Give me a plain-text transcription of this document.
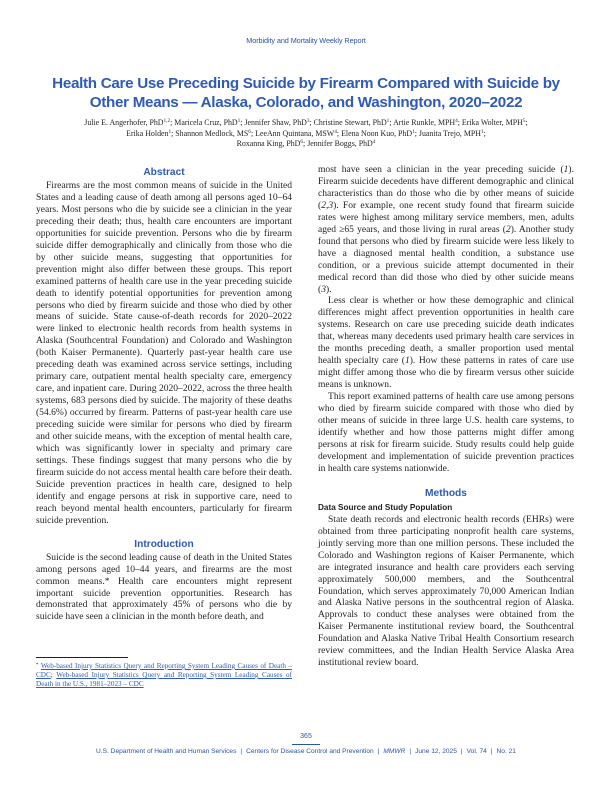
Morbidity and Mortality Weekly Report
Health Care Use Preceding Suicide by Firearm Compared with Suicide by
Other Means — Alaska, Colorado, and Washington, 2020–2022
Julie E. Angerhofer, PhD$^{1,2}$; Maricela Cruz, PhD$^1$; Jennifer Shaw, PhD$^3$; Christine Stewart, PhD$^1$; Artie Runkle, MPH$^4$; Erika Wolter, MPH$^5$;
Erika Holden$^1$; Shannon Medlock, $MS^6$; LeeAnn Quintana, MSW$^4$; Elena Noon Kuo, PhD$^1$; Juanita Trejo, MPH$^1$;
Roxanna King, PhD$^6$; Jennifer Boggs, PhD$^4$
Abstract

Firearms are the most common means of suicide in the United States and a leading cause of death among all persons aged 10–64 years. Most persons who die by suicide see a clinician in the year preceding their death; thus, health care encounters are important opportunities for suicide prevention. Persons who die by firearm suicide differ demographically and clinically from those who die by other suicide means, suggesting that opportunities for prevention might also differ between these groups. This report examined patterns of health care use in the year preceding suicide death to identify potential opportunities for prevention among persons who died by firearm suicide and those who died by other means of suicide. State cause-of-death records for 2020–2022 were linked to electronic health records from health systems in Alaska (Southcentral Foundation) and Colorado and Washington (both Kaiser Permanente). Quarterly past-year health care use preceding death was examined across service settings, including primary care, outpatient mental health specialty care, emergency care, and inpatient care. During 2020–2022, across the three health systems, 683 persons died by suicide. The majority of these deaths (54.6%) occurred by firearm. Patterns of past-year health care use preceding suicide were similar for persons who died by firearm and other suicide means, with the exception of mental health care, which was significantly lower in specialty and primary care settings. These findings suggest that many persons who die by firearm suicide do not access mental health care before their death. Suicide prevention practices in health care, designed to help identify and engage persons at risk in supportive care, need to reach beyond mental health encounters, particularly for firearm suicide prevention.

Introduction

Suicide is the second leading cause of death in the United States among persons aged 10–44 years, and firearms are the most common means.* Health care encounters might represent important suicide prevention opportunities. Research has demonstrated that approximately 45% of persons who die by suicide have seen a clinician in the month before death, and

* Web-based Injury Statistics Query and Reporting System Leading Causes of Death – CDC; Web-based Injury Statistics Query and Reporting System Leading Causes of Death in the U.S., 1981–2023 – CDC

most have seen a clinician in the year preceding suicide (1). Firearm suicide decedents have different demographic and clinical characteristics than do those who die by other means of suicide (2,3). For example, one recent study found that firearm suicide rates were highest among military service members, men, adults aged ≥65 years, and those living in rural areas (2). Another study found that persons who died by firearm suicide were less likely to have a diagnosed mental health condition, a substance use condition, or a previous suicide attempt documented in their medical record than did those who died by other suicide means (3).

Less clear is whether or how these demographic and clinical differences might affect prevention opportunities in health care systems. Research on care use preceding suicide death indicates that, whereas many decedents used primary health care services in the months preceding death, a smaller proportion used mental health specialty care (1). How these patterns in rates of care use might differ among those who die by firearm versus other suicide means is unknown.

This report examined patterns of health care use among persons who died by firearm suicide compared with those who died by other means of suicide in three large U.S. health care systems, to identify whether and how those patterns might differ among persons at risk for firearm suicide. Study results could help guide development and implementation of suicide prevention practices in health care systems nationwide.

Methods
Data Source and Study Population

State death records and electronic health records (EHRs) were obtained from three participating nonprofit health care systems, jointly serving more than one million persons. These included the Colorado and Washington regions of Kaiser Permanente, which are integrated insurance and health care providers each serving approximately 500,000 members, and the Southcentral Foundation, which serves approximately 70,000 American Indian and Alaska Native persons in the southcentral region of Alaska. Approvals to conduct these analyses were obtained from the Kaiser Permanente institutional review board, the Southcentral Foundation and Alaska Native Tribal Health Consortium research review committees, and the Indian Health Service Alaska Area institutional review board.

365
U.S. Department of Health and Human Services | Centers for Disease Control and Prevention | MMWR | June 12, 2025 | Vol. 74 | No. 21
